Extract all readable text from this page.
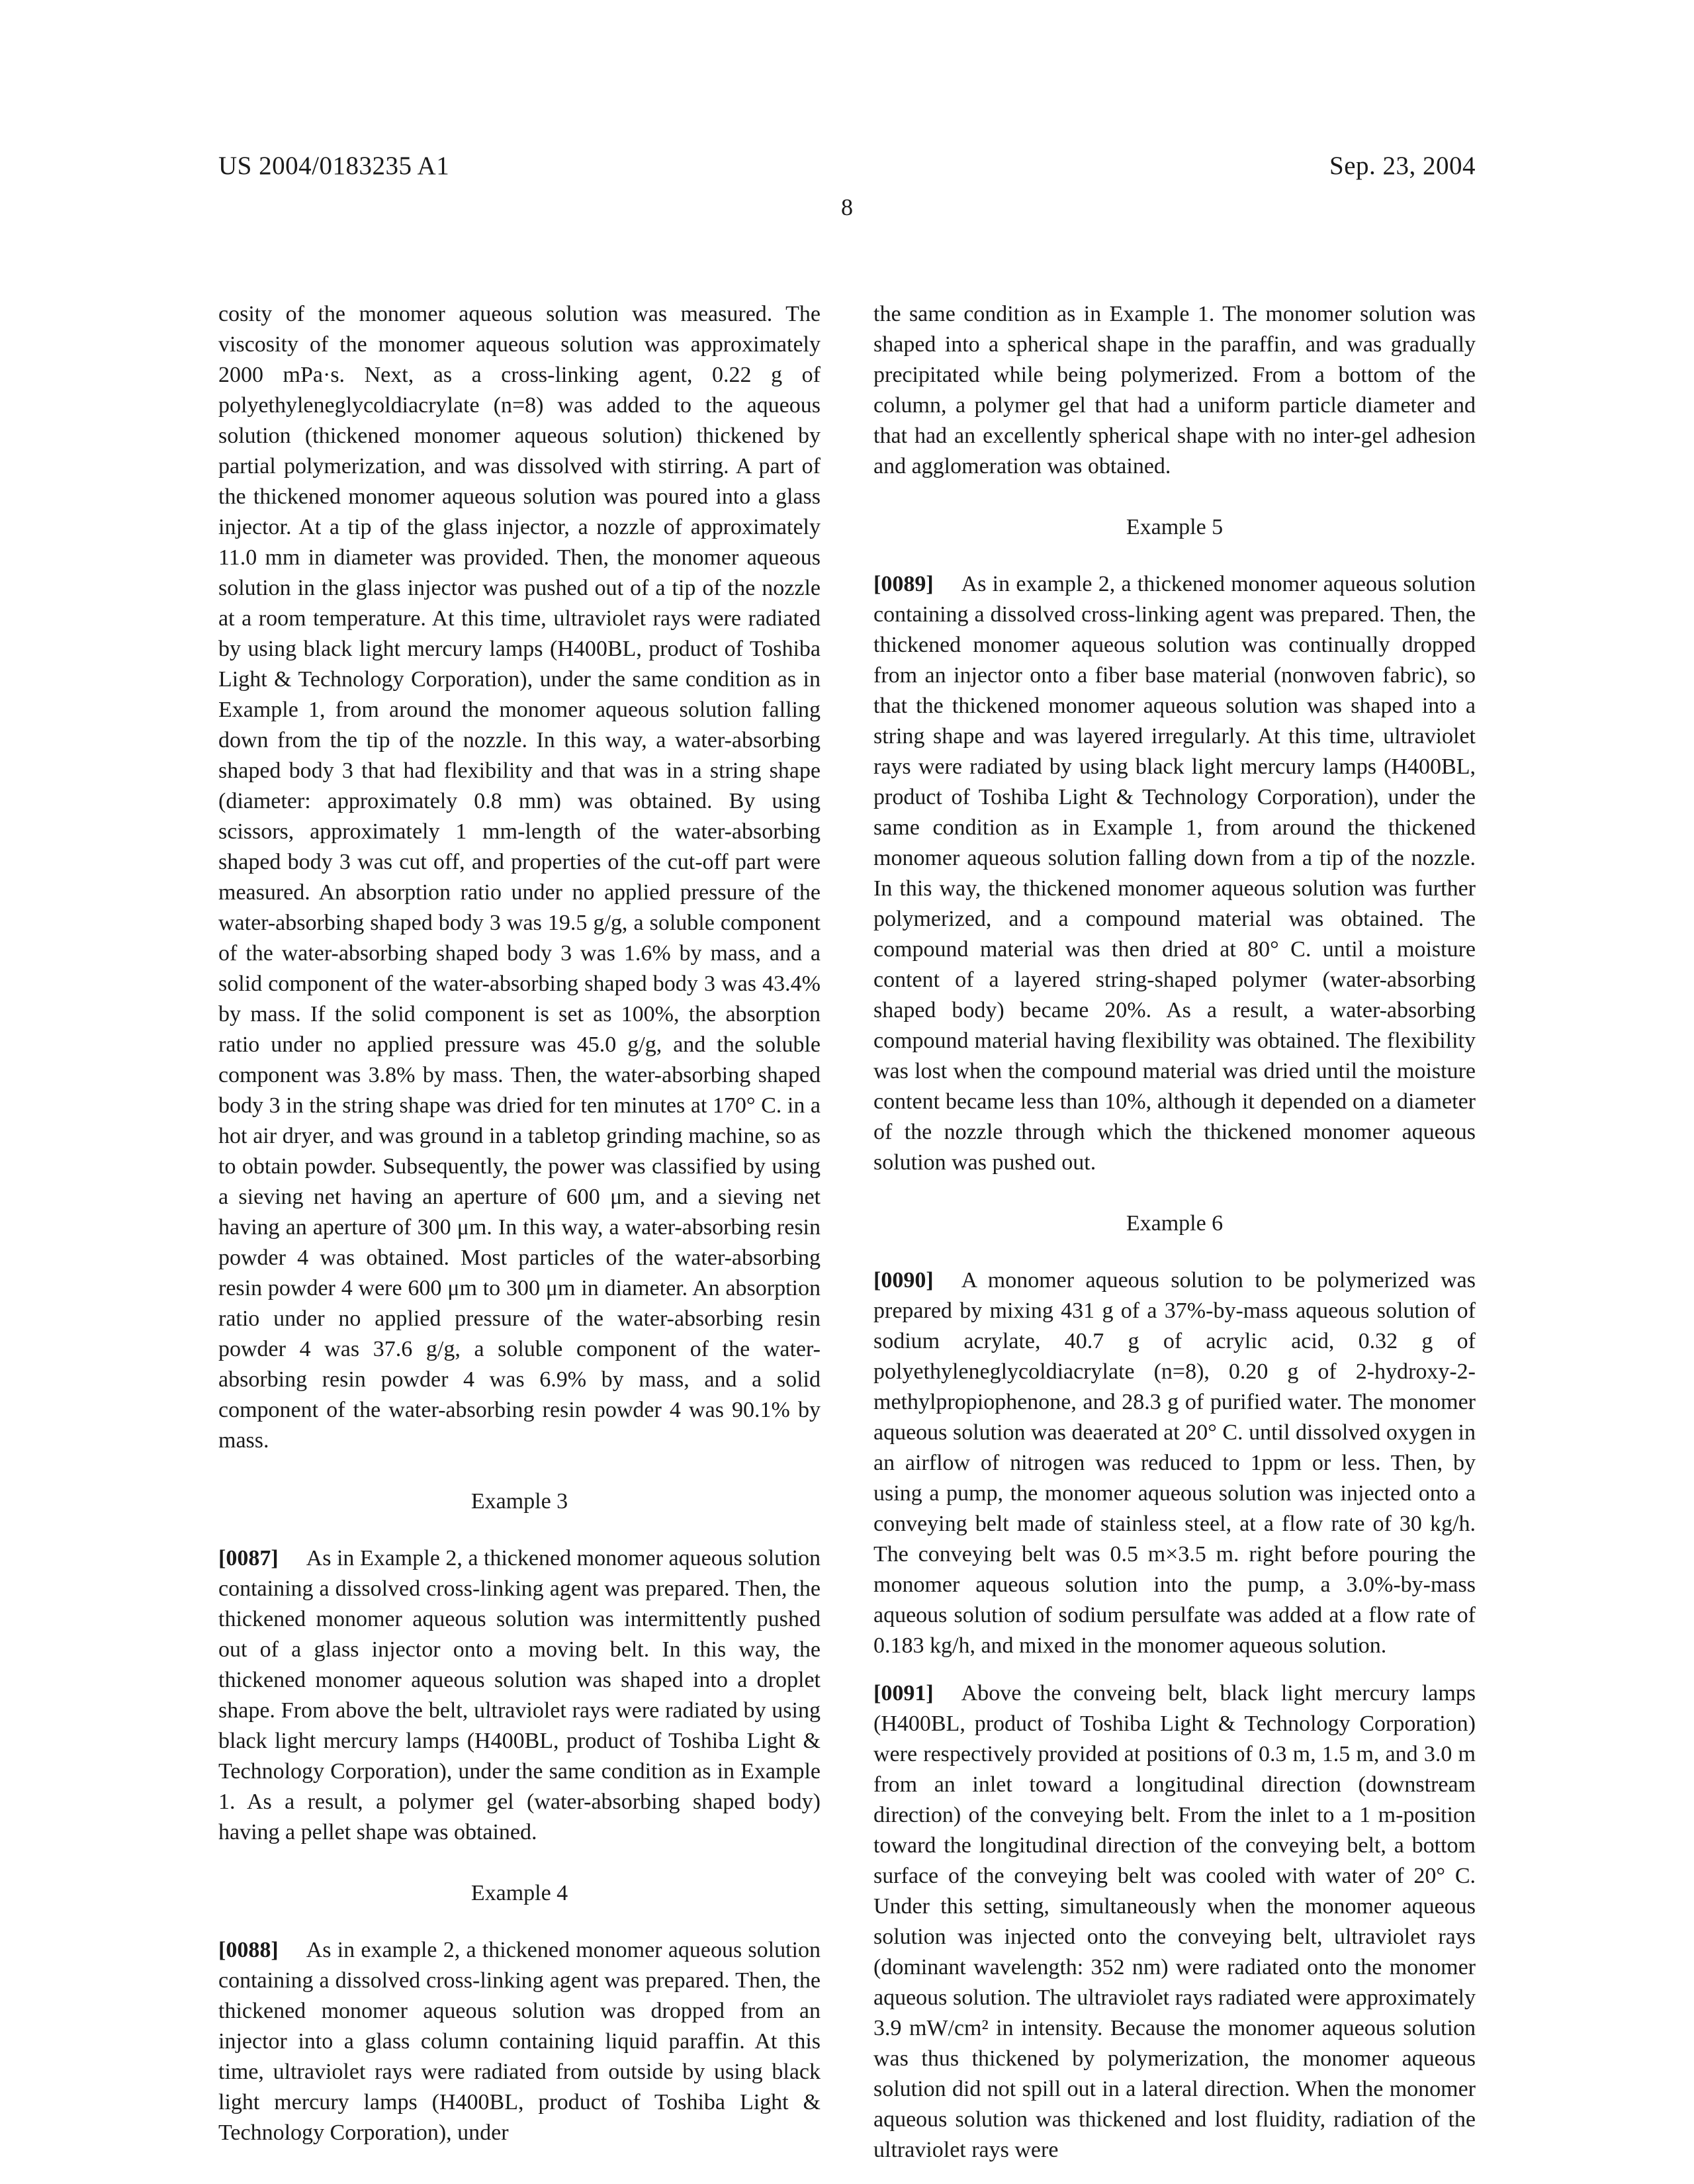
US 2004/0183235 A1	Sep. 23, 2004
8

cosity of the monomer aqueous solution was measured. The viscosity of the monomer aqueous solution was approximately 2000 mPa·s. Next, as a cross-linking agent, 0.22 g of polyethyleneglycoldiacrylate (n=8) was added to the aqueous solution (thickened monomer aqueous solution) thickened by partial polymerization, and was dissolved with stirring. A part of the thickened monomer aqueous solution was poured into a glass injector. At a tip of the glass injector, a nozzle of approximately 11.0 mm in diameter was provided. Then, the monomer aqueous solution in the glass injector was pushed out of a tip of the nozzle at a room temperature. At this time, ultraviolet rays were radiated by using black light mercury lamps (H400BL, product of Toshiba Light & Technology Corporation), under the same condition as in Example 1, from around the monomer aqueous solution falling down from the tip of the nozzle. In this way, a water-absorbing shaped body 3 that had flexibility and that was in a string shape (diameter: approximately 0.8 mm) was obtained. By using scissors, approximately 1 mm-length of the water-absorbing shaped body 3 was cut off, and properties of the cut-off part were measured. An absorption ratio under no applied pressure of the water-absorbing shaped body 3 was 19.5 g/g, a soluble component of the water-absorbing shaped body 3 was 1.6% by mass, and a solid component of the water-absorbing shaped body 3 was 43.4% by mass. If the solid component is set as 100%, the absorption ratio under no applied pressure was 45.0 g/g, and the soluble component was 3.8% by mass. Then, the water-absorbing shaped body 3 in the string shape was dried for ten minutes at 170° C. in a hot air dryer, and was ground in a tabletop grinding machine, so as to obtain powder. Subsequently, the power was classified by using a sieving net having an aperture of 600 μm, and a sieving net having an aperture of 300 μm. In this way, a water-absorbing resin powder 4 was obtained. Most particles of the water-absorbing resin powder 4 were 600 μm to 300 μm in diameter. An absorption ratio under no applied pressure of the water-absorbing resin powder 4 was 37.6 g/g, a soluble component of the water-absorbing resin powder 4 was 6.9% by mass, and a solid component of the water-absorbing resin powder 4 was 90.1% by mass.

Example 3

[0087] As in Example 2, a thickened monomer aqueous solution containing a dissolved cross-linking agent was prepared. Then, the thickened monomer aqueous solution was intermittently pushed out of a glass injector onto a moving belt. In this way, the thickened monomer aqueous solution was shaped into a droplet shape. From above the belt, ultraviolet rays were radiated by using black light mercury lamps (H400BL, product of Toshiba Light & Technology Corporation), under the same condition as in Example 1. As a result, a polymer gel (water-absorbing shaped body) having a pellet shape was obtained.

Example 4

[0088] As in example 2, a thickened monomer aqueous solution containing a dissolved cross-linking agent was prepared. Then, the thickened monomer aqueous solution was dropped from an injector into a glass column containing liquid paraffin. At this time, ultraviolet rays were radiated from outside by using black light mercury lamps (H400BL, product of Toshiba Light & Technology Corporation), under

the same condition as in Example 1. The monomer solution was shaped into a spherical shape in the paraffin, and was gradually precipitated while being polymerized. From a bottom of the column, a polymer gel that had a uniform particle diameter and that had an excellently spherical shape with no inter-gel adhesion and agglomeration was obtained.

Example 5

[0089] As in example 2, a thickened monomer aqueous solution containing a dissolved cross-linking agent was prepared. Then, the thickened monomer aqueous solution was continually dropped from an injector onto a fiber base material (nonwoven fabric), so that the thickened monomer aqueous solution was shaped into a string shape and was layered irregularly. At this time, ultraviolet rays were radiated by using black light mercury lamps (H400BL, product of Toshiba Light & Technology Corporation), under the same condition as in Example 1, from around the thickened monomer aqueous solution falling down from a tip of the nozzle. In this way, the thickened monomer aqueous solution was further polymerized, and a compound material was obtained. The compound material was then dried at 80° C. until a moisture content of a layered string-shaped polymer (water-absorbing shaped body) became 20%. As a result, a water-absorbing compound material having flexibility was obtained. The flexibility was lost when the compound material was dried until the moisture content became less than 10%, although it depended on a diameter of the nozzle through which the thickened monomer aqueous solution was pushed out.

Example 6

[0090] A monomer aqueous solution to be polymerized was prepared by mixing 431 g of a 37%-by-mass aqueous solution of sodium acrylate, 40.7 g of acrylic acid, 0.32 g of polyethyleneglycoldiacrylate (n=8), 0.20 g of 2-hydroxy-2-methylpropiophenone, and 28.3 g of purified water. The monomer aqueous solution was deaerated at 20° C. until dissolved oxygen in an airflow of nitrogen was reduced to 1ppm or less. Then, by using a pump, the monomer aqueous solution was injected onto a conveying belt made of stainless steel, at a flow rate of 30 kg/h. The conveying belt was 0.5 m×3.5 m. right before pouring the monomer aqueous solution into the pump, a 3.0%-by-mass aqueous solution of sodium persulfate was added at a flow rate of 0.183 kg/h, and mixed in the monomer aqueous solution.

[0091] Above the conveing belt, black light mercury lamps (H400BL, product of Toshiba Light & Technology Corporation) were respectively provided at positions of 0.3 m, 1.5 m, and 3.0 m from an inlet toward a longitudinal direction (downstream direction) of the conveying belt. From the inlet to a 1 m-position toward the longitudinal direction of the conveying belt, a bottom surface of the conveying belt was cooled with water of 20° C. Under this setting, simultaneously when the monomer aqueous solution was injected onto the conveying belt, ultraviolet rays (dominant wavelength: 352 nm) were radiated onto the monomer aqueous solution. The ultraviolet rays radiated were approximately 3.9 mW/cm² in intensity. Because the monomer aqueous solution was thus thickened by polymerization, the monomer aqueous solution did not spill out in a lateral direction. When the monomer aqueous solution was thickened and lost fluidity, radiation of the ultraviolet rays were
